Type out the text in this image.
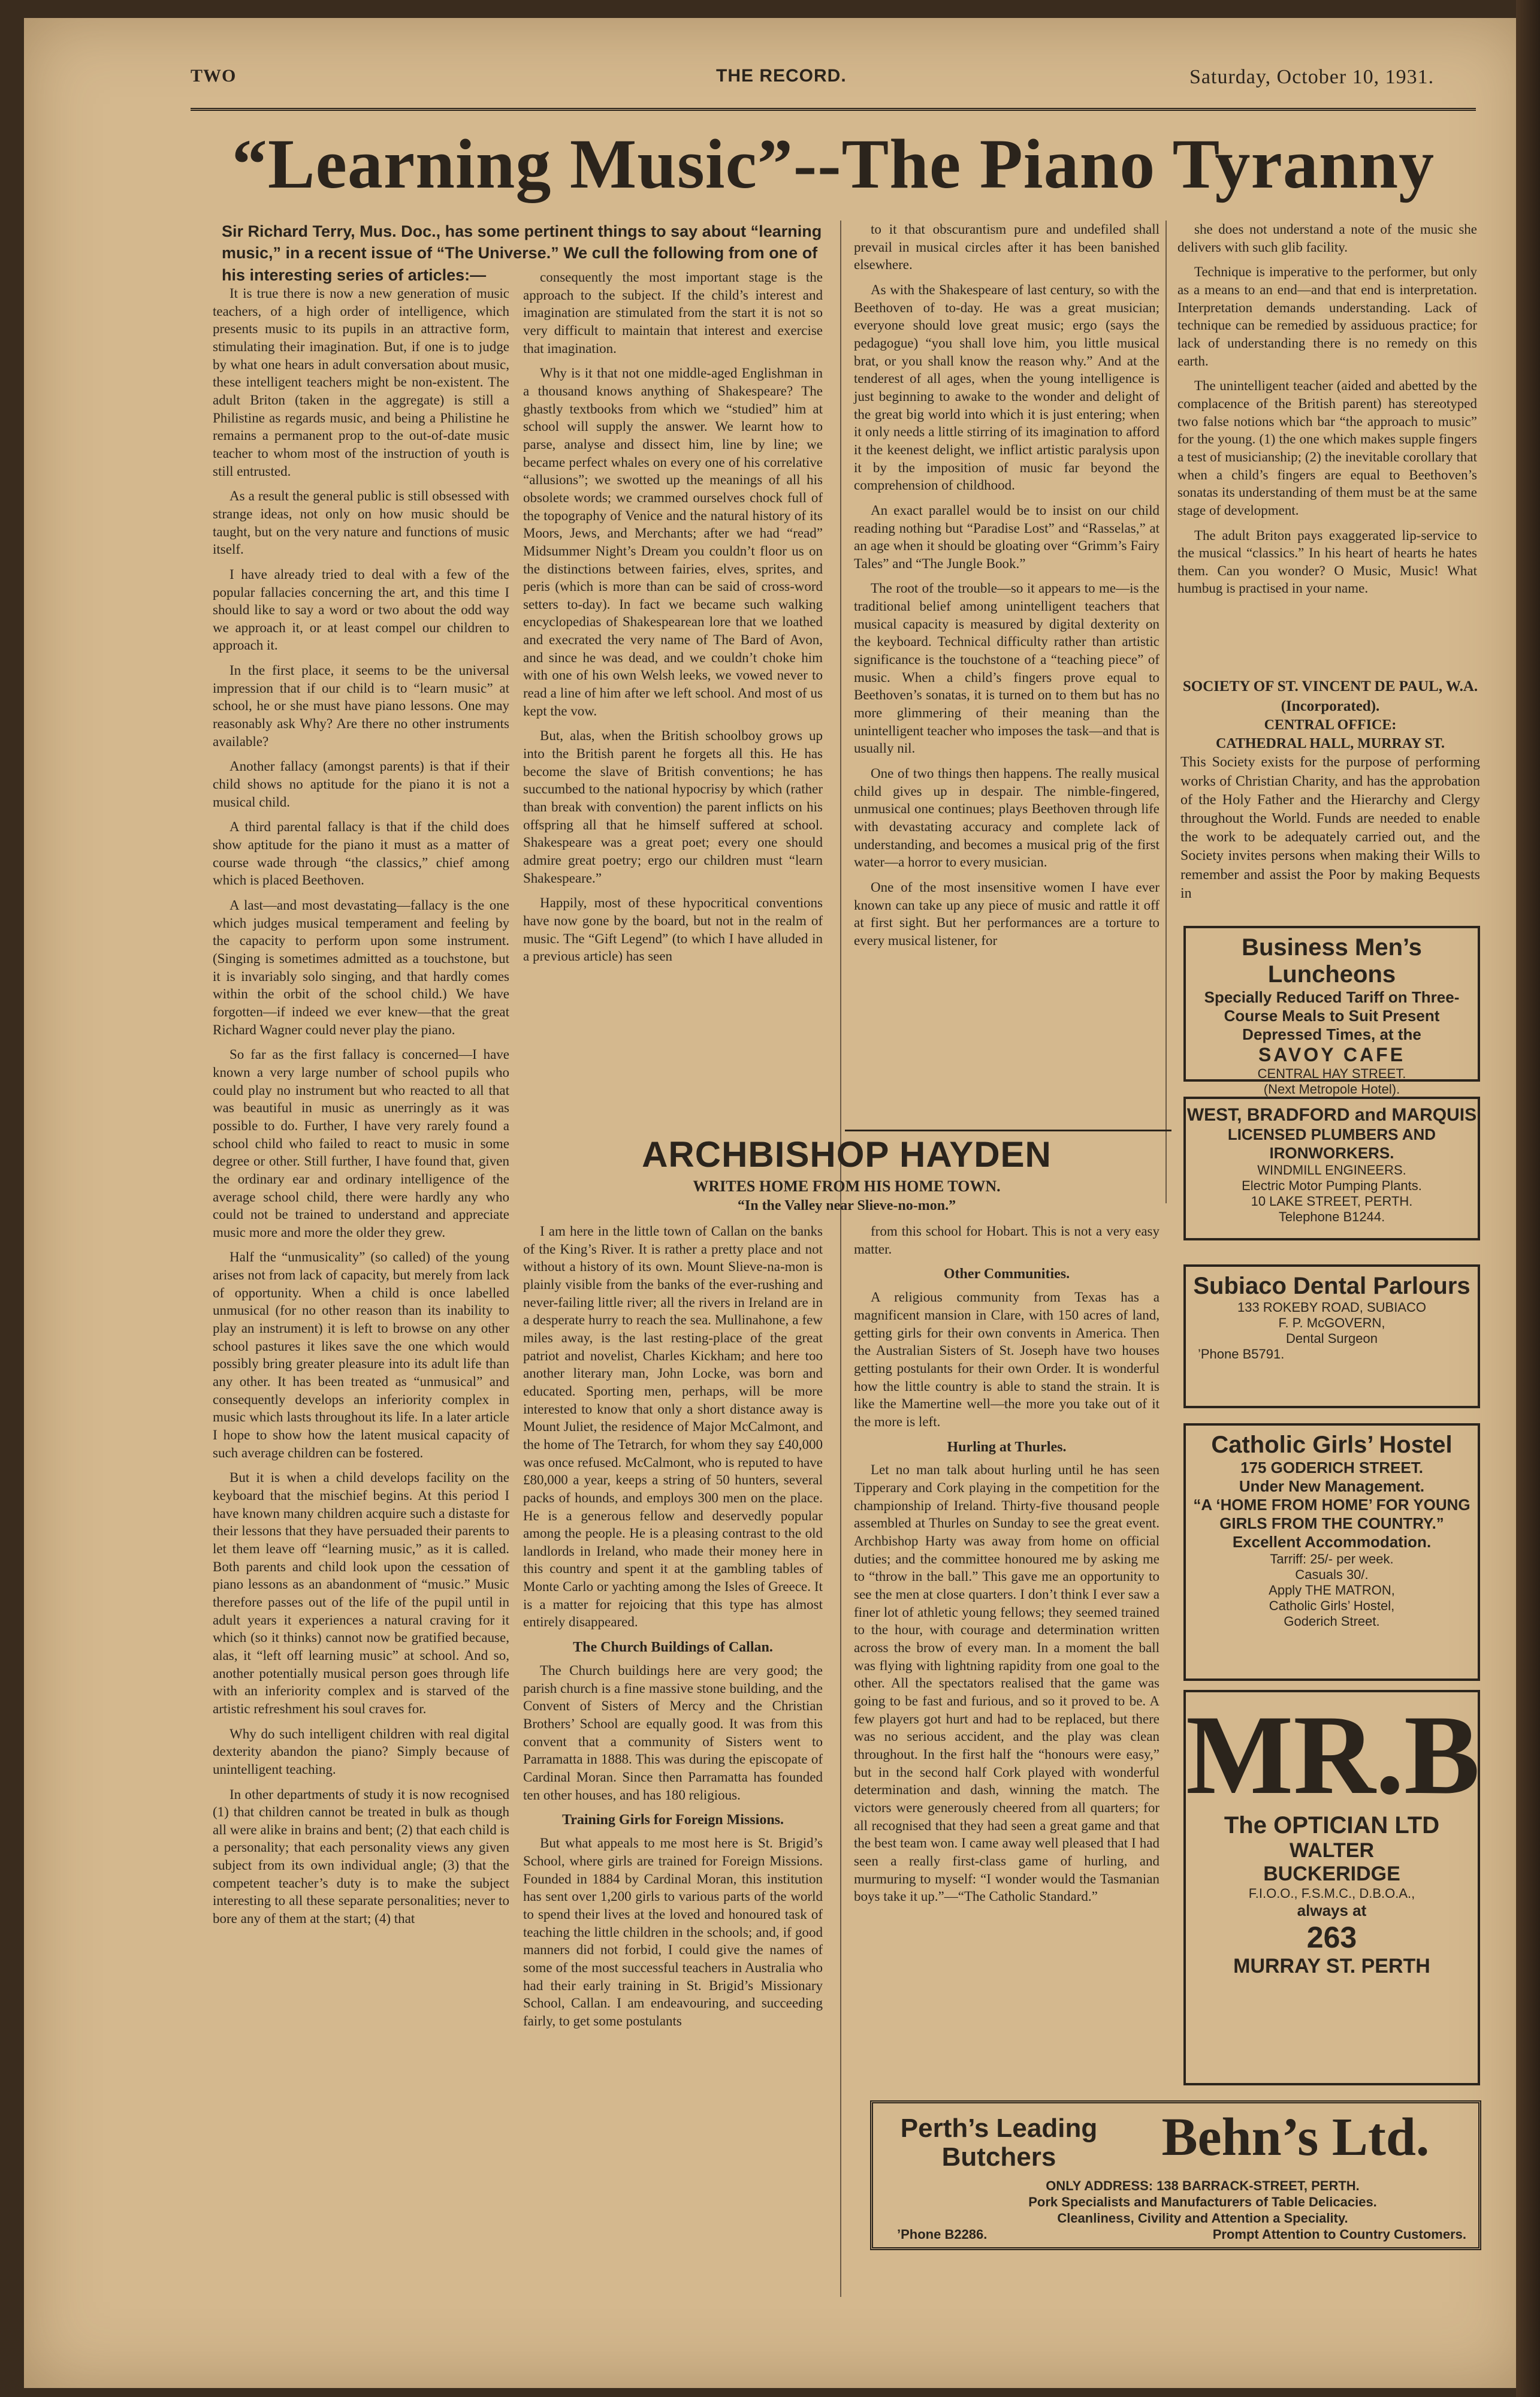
TWO	THE RECORD.	Saturday, October 10, 1931.
“Learning Music”--The Piano Tyranny
Sir Richard Terry, Mus. Doc., has some pertinent things to say about “learning music,” in a recent issue of “The Universe.” We cull the following from one of his interesting series of articles:—

It is true there is now a new generation of music teachers, of a high order of intelligence, which presents music to its pupils in an attractive form, stimulating their imagination. But, if one is to judge by what one hears in adult conversation about music, these intelligent teachers might be non-existent. The adult Briton (taken in the aggregate) is still a Philistine as regards music, and being a Philistine he remains a permanent prop to the out-of-date music teacher to whom most of the instruction of youth is still entrusted.

As a result the general public is still obsessed with strange ideas, not only on how music should be taught, but on the very nature and functions of music itself.

I have already tried to deal with a few of the popular fallacies concerning the art, and this time I should like to say a word or two about the odd way we approach it, or at least compel our children to approach it.

In the first place, it seems to be the universal impression that if our child is to “learn music” at school, he or she must have piano lessons. One may reasonably ask Why? Are there no other instruments available?

Another fallacy (amongst parents) is that if their child shows no aptitude for the piano it is not a musical child.

A third parental fallacy is that if the child does show aptitude for the piano it must as a matter of course wade through “the classics,” chief among which is placed Beethoven.

A last—and most devastating—fallacy is the one which judges musical temperament and feeling by the capacity to perform upon some instrument. (Singing is sometimes admitted as a touchstone, but it is invariably solo singing, and that hardly comes within the orbit of the school child.) We have forgotten—if indeed we ever knew—that the great Richard Wagner could never play the piano.

So far as the first fallacy is concerned—I have known a very large number of school pupils who could play no instrument but who reacted to all that was beautiful in music as unerringly as it was possible to do. Further, I have very rarely found a school child who failed to react to music in some degree or other. Still further, I have found that, given the ordinary ear and ordinary intelligence of the average school child, there were hardly any who could not be trained to understand and appreciate music more and more the older they grew.

Half the “unmusicality” (so called) of the young arises not from lack of capacity, but merely from lack of opportunity. When a child is once labelled unmusical (for no other reason than its inability to play an instrument) it is left to browse on any other school pastures it likes save the one which would possibly bring greater pleasure into its adult life than any other. It has been treated as “unmusical” and consequently develops an inferiority complex in music which lasts throughout its life. In a later article I hope to show how the latent musical capacity of such average children can be fostered.

But it is when a child develops facility on the keyboard that the mischief begins. At this period I have known many children acquire such a distaste for their lessons that they have persuaded their parents to let them leave off “learning music,” as it is called. Both parents and child look upon the cessation of piano lessons as an abandonment of “music.” Music therefore passes out of the life of the pupil until in adult years it experiences a natural craving for it which (so it thinks) cannot now be gratified because, alas, it “left off learning music” at school. And so, another potentially musical person goes through life with an inferiority complex and is starved of the artistic refreshment his soul craves for.

Why do such intelligent children with real digital dexterity abandon the piano? Simply because of unintelligent teaching.

In other departments of study it is now recognised (1) that children cannot be treated in bulk as though all were alike in brains and bent; (2) that each child is a personality; that each personality views any given subject from its own individual angle; (3) that the competent teacher’s duty is to make the subject interesting to all these separate personalities; never to bore any of them at the start; (4) that

consequently the most important stage is the approach to the subject. If the child’s interest and imagination are stimulated from the start it is not so very difficult to maintain that interest and exercise that imagination.

Why is it that not one middle-aged Englishman in a thousand knows anything of Shakespeare? The ghastly textbooks from which we “studied” him at school will supply the answer. We learnt how to parse, analyse and dissect him, line by line; we became perfect whales on every one of his correlative “allusions”; we swotted up the meanings of all his obsolete words; we crammed ourselves chock full of the topography of Venice and the natural history of its Moors, Jews, and Merchants; after we had “read” Midsummer Night’s Dream you couldn’t floor us on the distinctions between fairies, elves, sprites, and peris (which is more than can be said of cross-word setters to-day). In fact we became such walking encyclopedias of Shakespearean lore that we loathed and execrated the very name of The Bard of Avon, and since he was dead, and we couldn’t choke him with one of his own Welsh leeks, we vowed never to read a line of him after we left school. And most of us kept the vow.

But, alas, when the British schoolboy grows up into the British parent he forgets all this. He has become the slave of British conventions; he has succumbed to the national hypocrisy by which (rather than break with convention) the parent inflicts on his offspring all that he himself suffered at school. Shakespeare was a great poet; every one should admire great poetry; ergo our children must “learn Shakespeare.”

Happily, most of these hypocritical conventions have now gone by the board, but not in the realm of music. The “Gift Legend” (to which I have alluded in a previous article) has seen

to it that obscurantism pure and undefiled shall prevail in musical circles after it has been banished elsewhere.

As with the Shakespeare of last century, so with the Beethoven of to-day. He was a great musician; everyone should love great music; ergo (says the pedagogue) “you shall love him, you little musical brat, or you shall know the reason why.” And at the tenderest of all ages, when the young intelligence is just beginning to awake to the wonder and delight of the great big world into which it is just entering; when it only needs a little stirring of its imagination to afford it the keenest delight, we inflict artistic paralysis upon it by the imposition of music far beyond the comprehension of childhood.

An exact parallel would be to insist on our child reading nothing but “Paradise Lost” and “Rasselas,” at an age when it should be gloating over “Grimm’s Fairy Tales” and “The Jungle Book.”

The root of the trouble—so it appears to me—is the traditional belief among unintelligent teachers that musical capacity is measured by digital dexterity on the keyboard. Technical difficulty rather than artistic significance is the touchstone of a “teaching piece” of music. When a child’s fingers prove equal to Beethoven’s sonatas, it is turned on to them but has no more glimmering of their meaning than the unintelligent teacher who imposes the task—and that is usually nil.

One of two things then happens. The really musical child gives up in despair. The nimble-fingered, unmusical one continues; plays Beethoven through life with devastating accuracy and complete lack of understanding, and becomes a musical prig of the first water—a horror to every musician.

One of the most insensitive women I have ever known can take up any piece of music and rattle it off at first sight. But her performances are a torture to every musical listener, for

she does not understand a note of the music she delivers with such glib facility.

Technique is imperative to the performer, but only as a means to an end—and that end is interpretation. Interpretation demands understanding. Lack of technique can be remedied by assiduous practice; for lack of understanding there is no remedy on this earth.

The unintelligent teacher (aided and abetted by the complacence of the British parent) has stereotyped two false notions which bar “the approach to music” for the young. (1) the one which makes supple fingers a test of musicianship; (2) the inevitable corollary that when a child’s fingers are equal to Beethoven’s sonatas its understanding of them must be at the same stage of development.

The adult Briton pays exaggerated lip-service to the musical “classics.” In his heart of hearts he hates them. Can you wonder? O Music, Music! What humbug is practised in your name.

SOCIETY OF ST. VINCENT DE PAUL, W.A. (Incorporated).
CENTRAL OFFICE:
CATHEDRAL HALL, MURRAY ST.
This Society exists for the purpose of performing works of Christian Charity, and has the approbation of the Holy Father and the Hierarchy and Clergy throughout the World. Funds are needed to enable the work to be adequately carried out, and the Society invites persons when making their Wills to remember and assist the Poor by making Bequests in
ARCHBISHOP HAYDEN
WRITES HOME FROM HIS HOME TOWN.
“In the Valley near Slieve-no-mon.”

I am here in the little town of Callan on the banks of the King’s River. It is rather a pretty place and not without a history of its own. Mount Slieve-na-mon is plainly visible from the banks of the ever-rushing and never-failing little river; all the rivers in Ireland are in a desperate hurry to reach the sea. Mullinahone, a few miles away, is the last resting-place of the great patriot and novelist, Charles Kickham; and here too another literary man, John Locke, was born and educated. Sporting men, perhaps, will be more interested to know that only a short distance away is Mount Juliet, the residence of Major McCalmont, and the home of The Tetrarch, for whom they say £40,000 was once refused. McCalmont, who is reputed to have £80,000 a year, keeps a string of 50 hunters, several packs of hounds, and employs 300 men on the place. He is a generous fellow and deservedly popular among the people. He is a pleasing contrast to the old landlords in Ireland, who made their money here in this country and spent it at the gambling tables of Monte Carlo or yachting among the Isles of Greece. It is a matter for rejoicing that this type has almost entirely disappeared.

The Church Buildings of Callan.

The Church buildings here are very good; the parish church is a fine massive stone building, and the Convent of Sisters of Mercy and the Christian Brothers’ School are equally good. It was from this convent that a community of Sisters went to Parramatta in 1888. This was during the episcopate of Cardinal Moran. Since then Parramatta has founded ten other houses, and has 180 religious.

Training Girls for Foreign Missions.

But what appeals to me most here is St. Brigid’s School, where girls are trained for Foreign Missions. Founded in 1884 by Cardinal Moran, this institution has sent over 1,200 girls to various parts of the world to spend their lives at the loved and honoured task of teaching the little children in the schools; and, if good manners did not forbid, I could give the names of some of the most successful teachers in Australia who had their early training in St. Brigid’s Missionary School, Callan. I am endeavouring, and succeeding fairly, to get some postulants

from this school for Hobart. This is not a very easy matter.

Other Communities.

A religious community from Texas has a magnificent mansion in Clare, with 150 acres of land, getting girls for their own convents in America. Then the Australian Sisters of St. Joseph have two houses getting postulants for their own Order. It is wonderful how the little country is able to stand the strain. It is like the Mamertine well—the more you take out of it the more is left.

Hurling at Thurles.

Let no man talk about hurling until he has seen Tipperary and Cork playing in the competition for the championship of Ireland. Thirty-five thousand people assembled at Thurles on Sunday to see the great event. Archbishop Harty was away from home on official duties; and the committee honoured me by asking me to “throw in the ball.” This gave me an opportunity to see the men at close quarters. I don’t think I ever saw a finer lot of athletic young fellows; they seemed trained to the hour, with courage and determination written across the brow of every man. In a moment the ball was flying with lightning rapidity from one goal to the other. All the spectators realised that the game was going to be fast and furious, and so it proved to be. A few players got hurt and had to be replaced, but there was no serious accident, and the play was clean throughout. In the first half the “honours were easy,” but in the second half Cork played with wonderful determination and dash, winning the match. The victors were generously cheered from all quarters; for all recognised that they had seen a great game and that the best team won. I came away well pleased that I had seen a really first-class game of hurling, and murmuring to myself: “I wonder would the Tasmanian boys take it up.”—“The Catholic Standard.”

Business Men’s Luncheons
Specially Reduced Tariff on Three-Course Meals to Suit Present Depressed Times, at the
SAVOY CAFE
CENTRAL HAY STREET.
(Next Metropole Hotel).
WEST, BRADFORD and MARQUIS
LICENSED PLUMBERS AND IRONWORKERS.
WINDMILL ENGINEERS.
Electric Motor Pumping Plants.
10 LAKE STREET, PERTH.
Telephone B1244.
Subiaco Dental Parlours
133 ROKEBY ROAD, SUBIACO
F. P. McGOVERN,
Dental Surgeon
’Phone B5791.
Catholic Girls’ Hostel
175 GODERICH STREET.
Under New Management.
“A ‘HOME FROM HOME’ FOR YOUNG GIRLS FROM THE COUNTRY.”
Excellent Accommodation.
Tarriff: 25/- per week.
Casuals 30/.
Apply THE MATRON,
Catholic Girls’ Hostel,
Goderich Street.
MR.B
The OPTICIAN LTD
WALTER
BUCKERIDGE
F.I.O.O., F.S.M.C., D.B.O.A.,
always at
263
MURRAY ST. PERTH
Perth’s Leading Butchers	Behn’s Ltd.
ONLY ADDRESS: 138 BARRACK-STREET, PERTH.
Pork Specialists and Manufacturers of Table Delicacies.
Cleanliness, Civility and Attention a Speciality.
’Phone B2286.	Prompt Attention to Country Customers.
